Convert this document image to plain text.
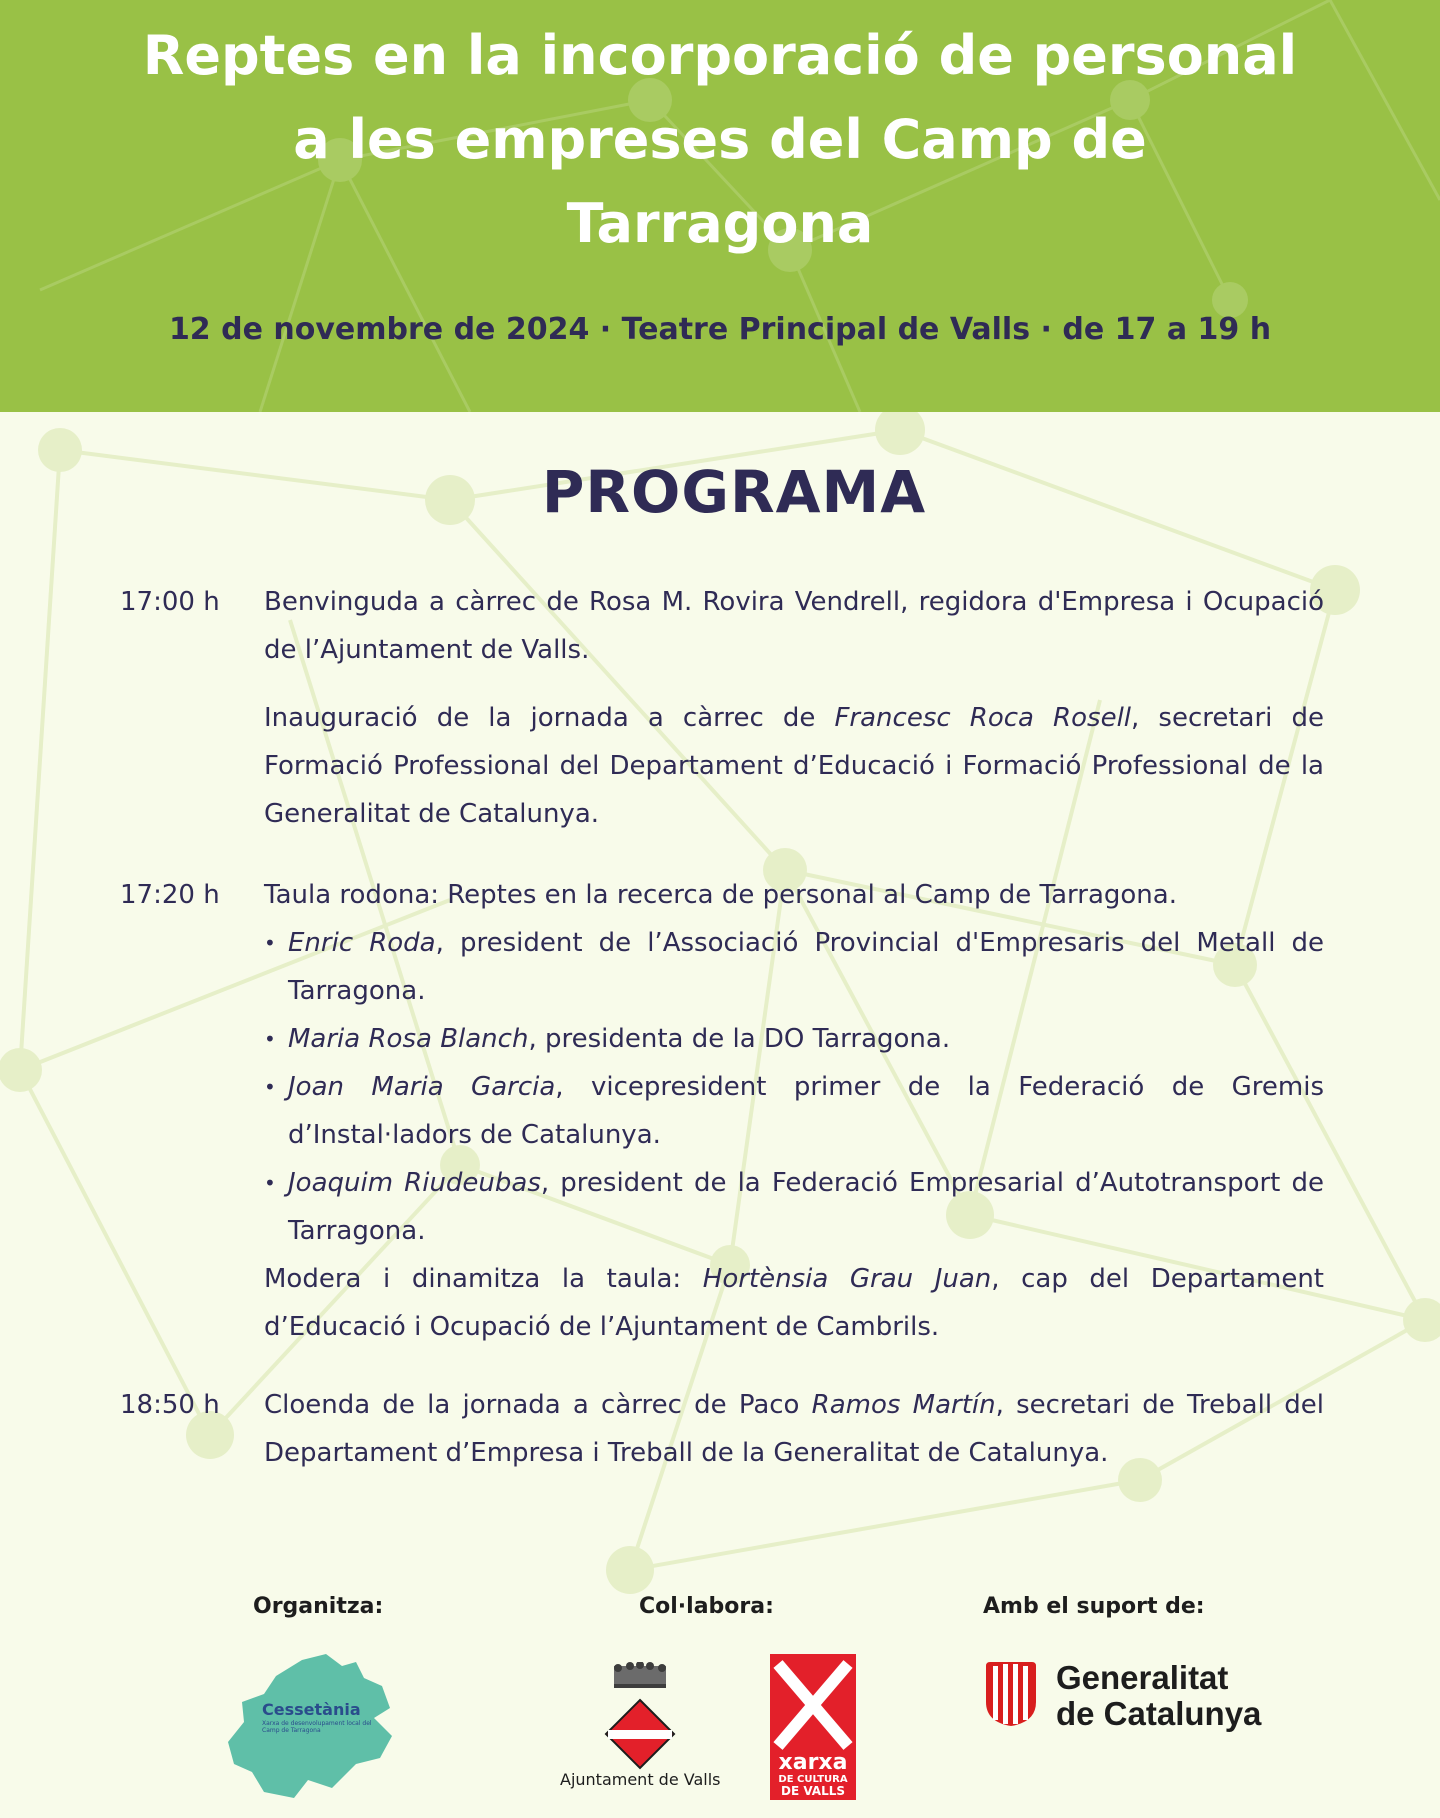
Reptes en la incorporació de personal
a les empreses del Camp de
Tarragona
12 de novembre de 2024 · Teatre Principal de Valls · de 17 a 19 h
PROGRAMA
17:00 h	Benvinguda a càrrec de Rosa M. Rovira Vendrell, regidora d'Empresa i Ocupació de l’Ajuntament de Valls.

Inauguració de la jornada a càrrec de Francesc Roca Rosell, secretari de Formació Professional del Departament d’Educació i Formació Professional de la Generalitat de Catalunya.

17:20 h	Taula rodona: Reptes en la recerca de personal al Camp de Tarragona.

• Enric Roda, president de l’Associació Provincial d'Empresaris del Metall de Tarragona.
• Maria Rosa Blanch, presidenta de la DO Tarragona.
• Joan Maria Garcia, vicepresident primer de la Federació de Gremis d’Instal·ladors de Catalunya.
• Joaquim Riudeubas, president de la Federació Empresarial d’Autotransport de Tarragona.

Modera i dinamitza la taula: Hortènsia Grau Juan, cap del Departament d’Educació i Ocupació de l’Ajuntament de Cambrils.

18:50 h	Cloenda de la jornada a càrrec de Paco Ramos Martín, secretari de Treball del Departament d’Empresa i Treball de la Generalitat de Catalunya.

Organitza:	Col·labora:	Amb el suport de:
Cessetània
Xarxa de desenvolupament local del Camp de Tarragona
Ajuntament de Valls
xarxa
DE CULTURA
DE VALLS
Generalitat
de Catalunya
